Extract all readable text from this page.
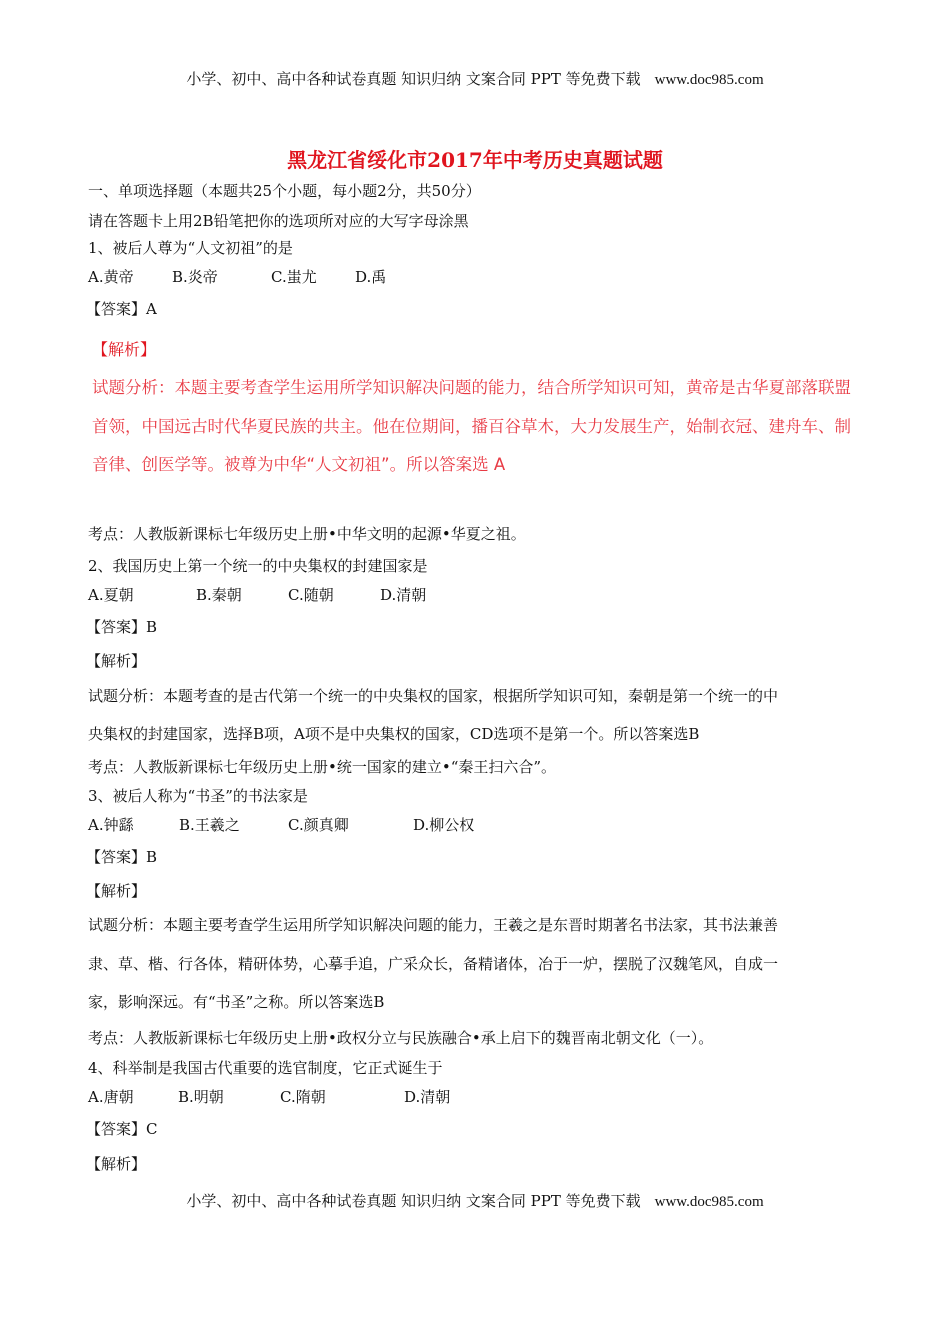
小学、初中、高中各种试卷真题 知识归纳 文案合同 PPT 等免费下载 www.doc985.com
黑龙江省绥化市2017年中考历史真题试题
一、单项选择题（本题共25个小题，每小题2分，共50分）
请在答题卡上用2B铅笔把你的选项所对应的大写字母涂黑
1、被后人尊为“人文初祖”的是
A.黄帝	B.炎帝	C.蚩尤	D.禹
【答案】A
【解析】
试题分析：本题主要考查学生运用所学知识解决问题的能力，结合所学知识可知，黄帝是古华夏部落联盟
首领，中国远古时代华夏民族的共主。他在位期间，播百谷草木，大力发展生产，始制衣冠、建舟车、制
音律、创医学等。被尊为中华“人文初祖”。所以答案选 A
考点：人教版新课标七年级历史上册•中华文明的起源•华夏之祖。
2、我国历史上第一个统一的中央集权的封建国家是
A.夏朝	B.秦朝	C.随朝	D.清朝
【答案】B
【解析】
试题分析：本题考查的是古代第一个统一的中央集权的国家，根据所学知识可知，秦朝是第一个统一的中
央集权的封建国家，选择B项，A项不是中央集权的国家，CD选项不是第一个。所以答案选B
考点：人教版新课标七年级历史上册•统一国家的建立•“秦王扫六合”。
3、被后人称为“书圣”的书法家是
A.钟繇	B.王羲之	C.颜真卿	D.柳公权
【答案】B
【解析】
试题分析：本题主要考查学生运用所学知识解决问题的能力，王羲之是东晋时期著名书法家，其书法兼善
隶、草、楷、行各体，精研体势，心摹手追，广采众长，备精诸体，冶于一炉，摆脱了汉魏笔风，自成一
家，影响深远。有“书圣”之称。所以答案选B
考点：人教版新课标七年级历史上册•政权分立与民族融合•承上启下的魏晋南北朝文化（一）。
4、科举制是我国古代重要的选官制度，它正式诞生于
A.唐朝	B.明朝	C.隋朝	D.清朝
【答案】C
【解析】
小学、初中、高中各种试卷真题 知识归纳 文案合同 PPT 等免费下载 www.doc985.com
